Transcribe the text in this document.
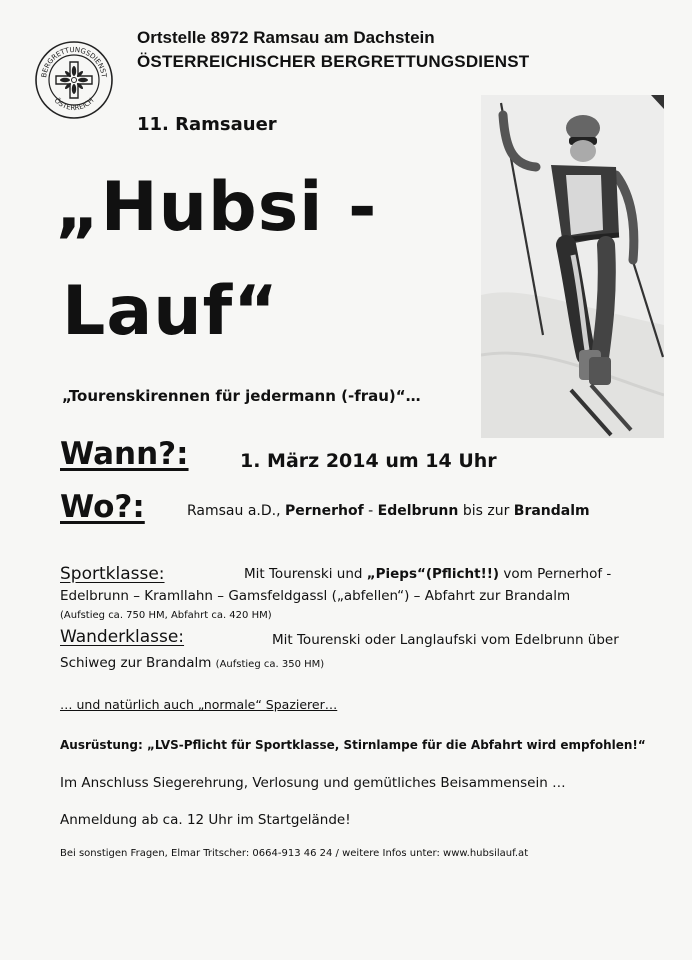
BERGRETTUNGSDIENST
ÖSTERREICH
Ortstelle 8972 Ramsau am Dachstein
ÖSTERREICHISCHER BERGRETTUNGSDIENST
11. Ramsauer
„Hubsi -
Lauf“
„Tourenskirennen für jedermann (-frau)“…
Wann?:	1. März 2014 um 14 Uhr
Wo?:	Ramsau a.D., Pernerhof - Edelbrunn bis zur Brandalm
Sportklasse:	Mit Tourenski und „Pieps“(Pflicht!!) vom Pernerhof -
Edelbrunn – Kramllahn – Gamsfeldgassl („abfellen“) – Abfahrt zur Brandalm
(Aufstieg ca. 750 HM, Abfahrt ca. 420 HM)
Wanderklasse:	Mit Tourenski oder Langlaufski vom Edelbrunn über
Schiweg zur Brandalm (Aufstieg ca. 350 HM)
… und natürlich auch „normale“ Spazierer…
Ausrüstung: „LVS-Pflicht für Sportklasse, Stirnlampe für die Abfahrt wird empfohlen!“
Im Anschluss Siegerehrung, Verlosung und gemütliches Beisammensein …
Anmeldung ab ca. 12 Uhr im Startgelände!
Bei sonstigen Fragen, Elmar Tritscher: 0664-913 46 24 / weitere Infos unter: www.hubsilauf.at
